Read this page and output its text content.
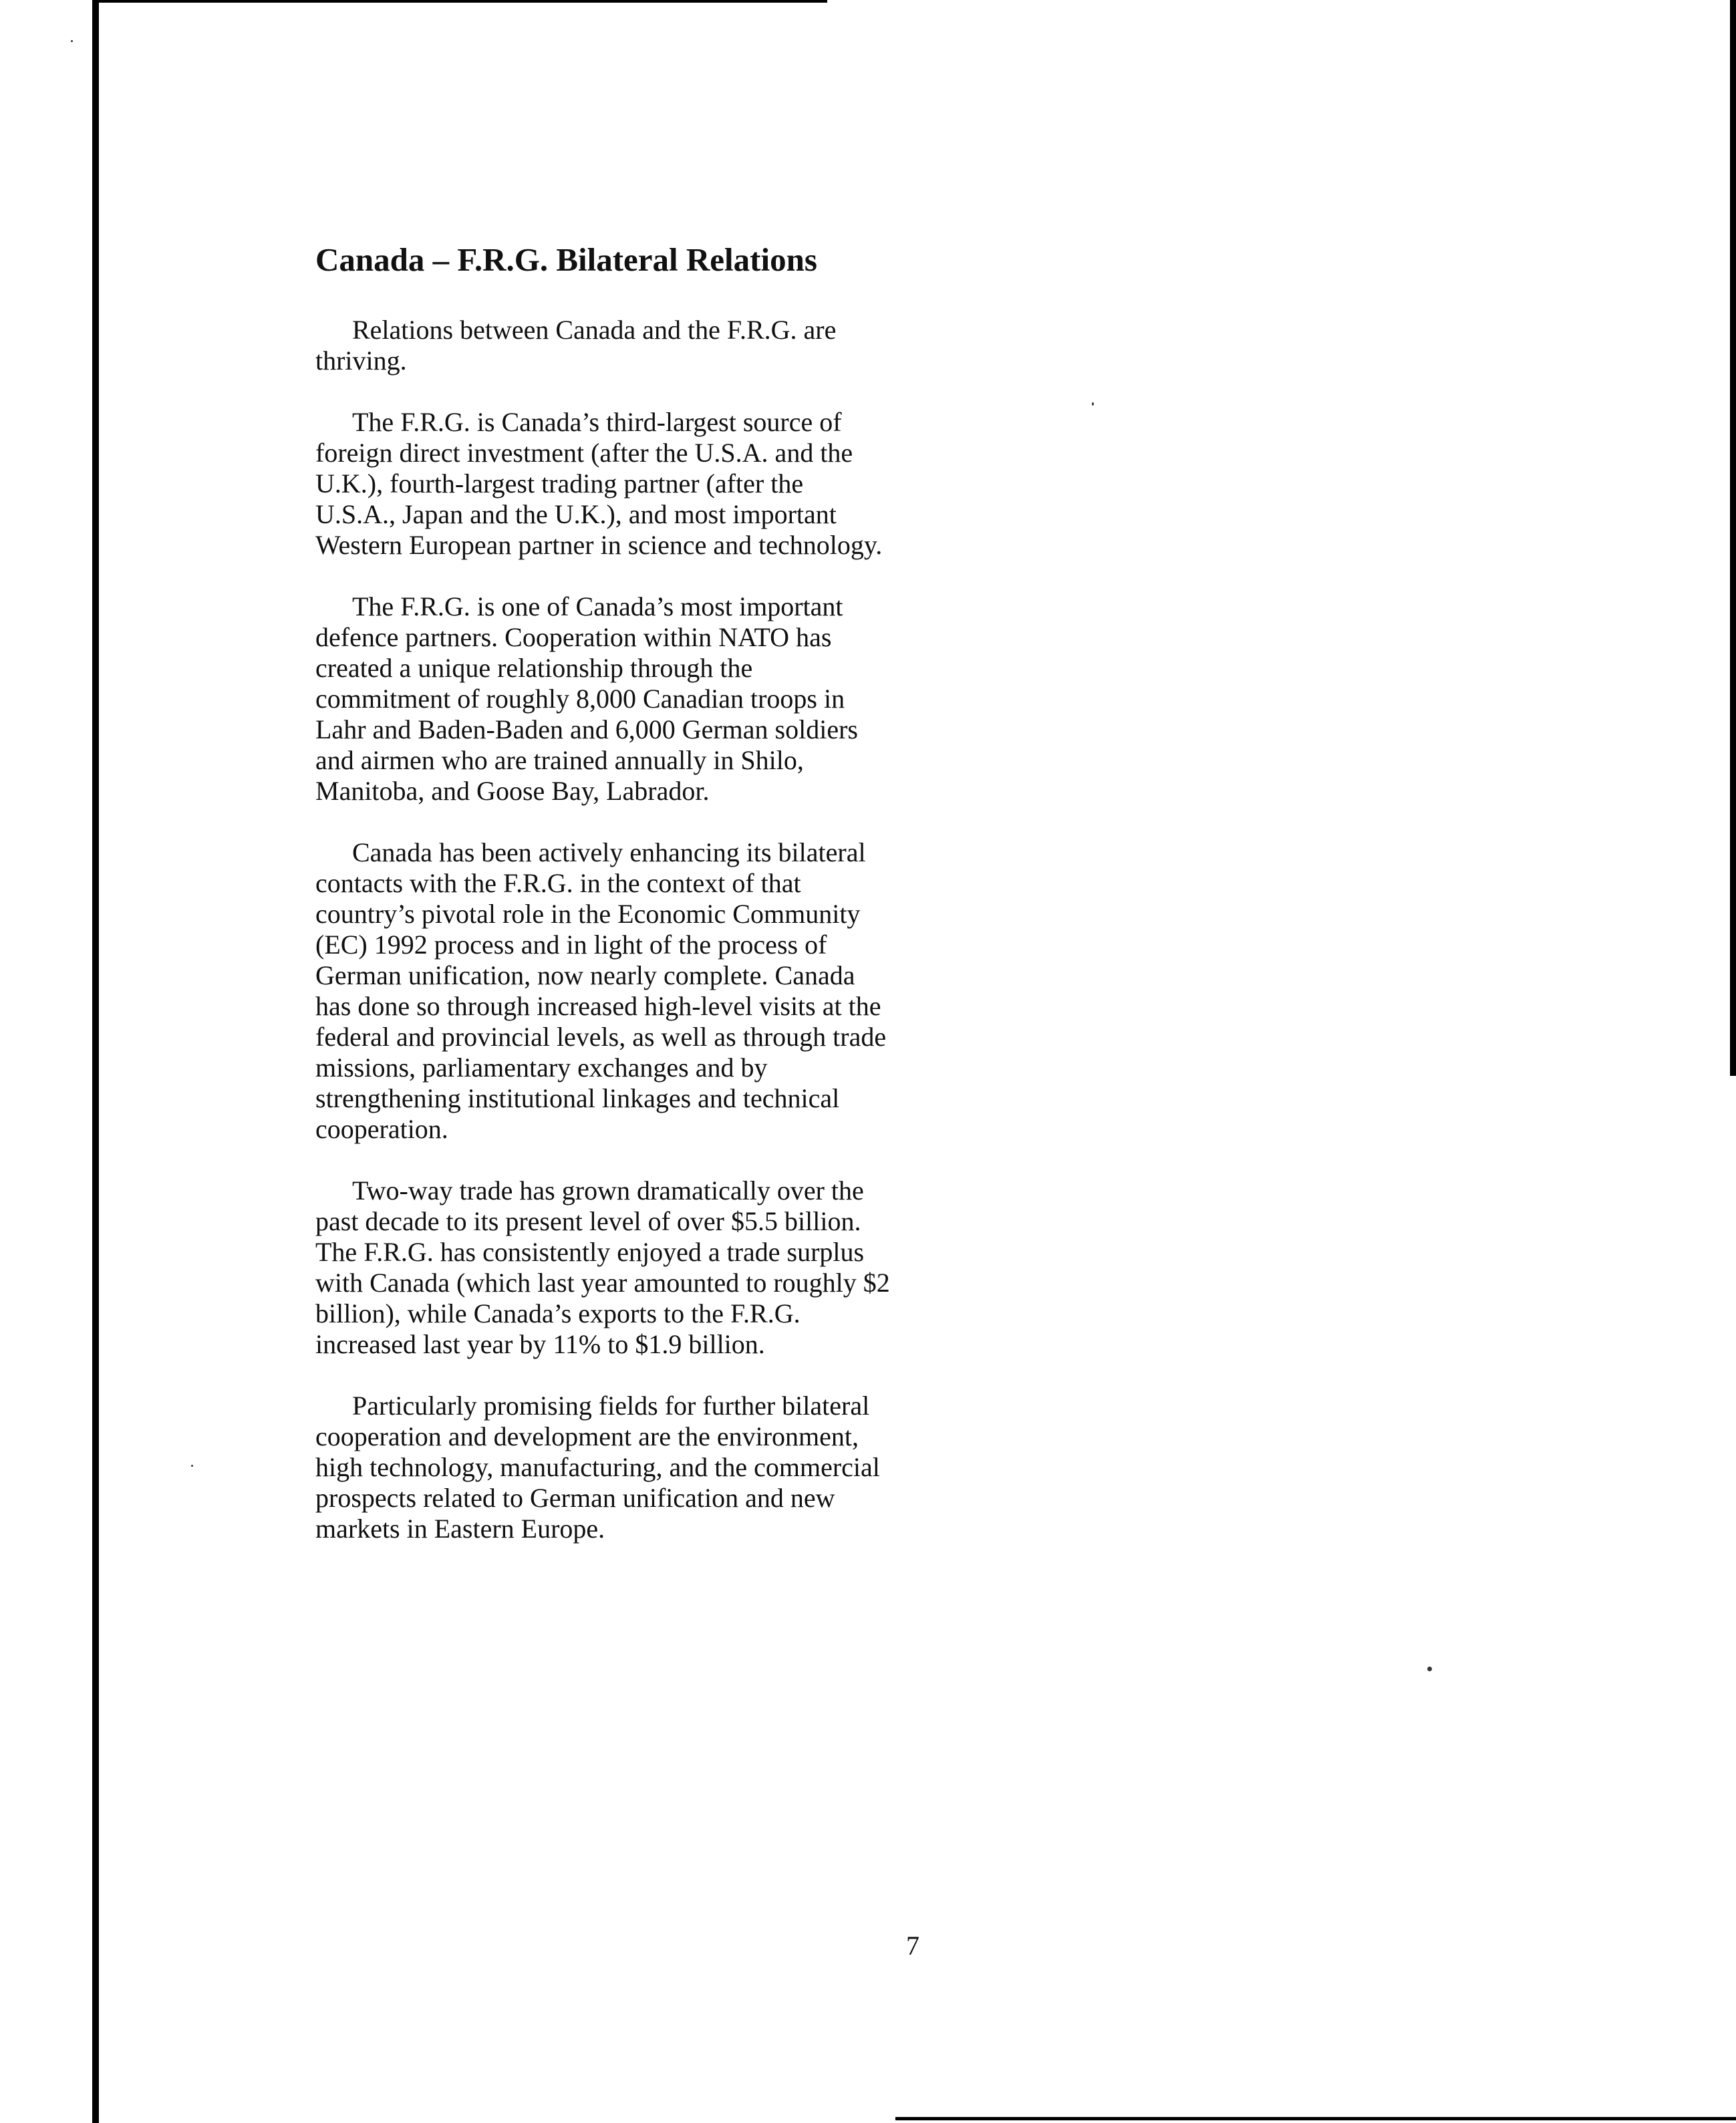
Canada – F.R.G. Bilateral Relations

Relations between Canada and the F.R.G. are thriving.

The F.R.G. is Canada’s third-largest source of foreign direct investment (after the U.S.A. and the U.K.), fourth-largest trading partner (after the U.S.A., Japan and the U.K.), and most important Western European partner in science and technology.

The F.R.G. is one of Canada’s most important defence partners. Cooperation within NATO has created a unique relationship through the commitment of roughly 8,000 Canadian troops in Lahr and Baden-Baden and 6,000 German soldiers and airmen who are trained annually in Shilo, Manitoba, and Goose Bay, Labrador.

Canada has been actively enhancing its bilateral contacts with the F.R.G. in the context of that country’s pivotal role in the Economic Community (EC) 1992 process and in light of the process of German unification, now nearly complete. Canada has done so through increased high-level visits at the federal and provincial levels, as well as through trade missions, parliamentary exchanges and by strengthening institutional linkages and technical cooperation.

Two-way trade has grown dramatically over the past decade to its present level of over $5.5 billion. The F.R.G. has consistently enjoyed a trade surplus with Canada (which last year amounted to roughly $2 billion), while Canada’s exports to the F.R.G. increased last year by 11% to $1.9 billion.

Particularly promising fields for further bilateral cooperation and development are the environment, high technology, manufacturing, and the commercial prospects related to German unification and new markets in Eastern Europe.

7
